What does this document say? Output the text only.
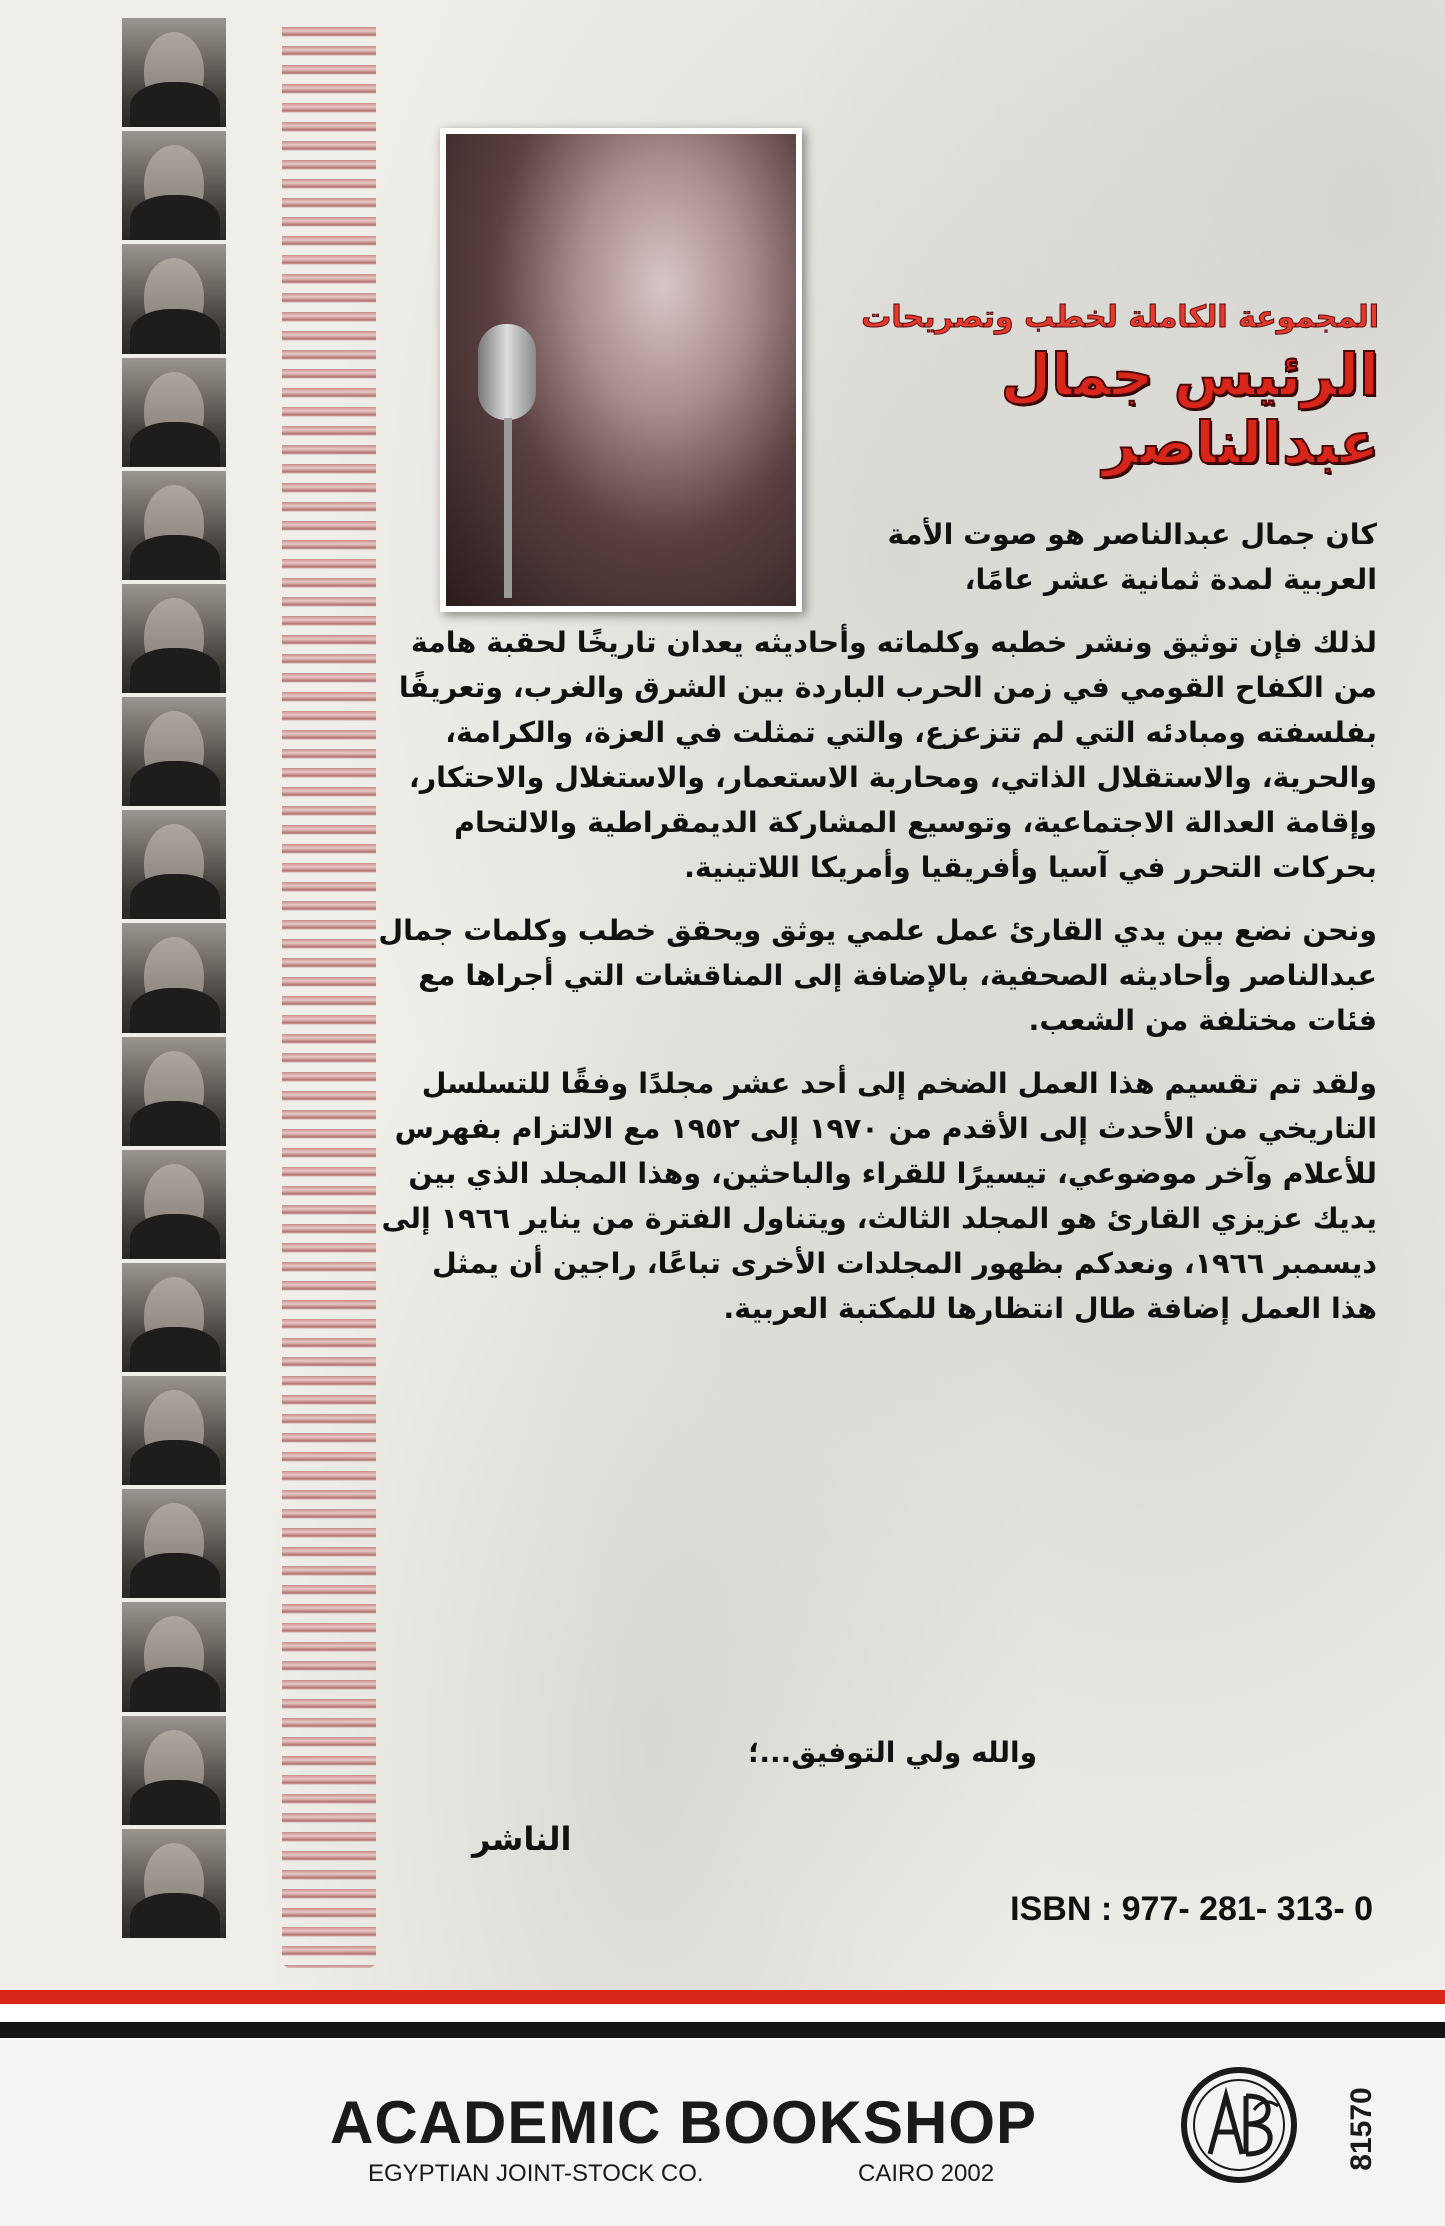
المجموعة الكاملة لخطب وتصريحات
الرئيس جمال عبدالناصر

كان جمال عبدالناصر هو صوت الأمة العربية لمدة ثمانية عشر عامًا،

لذلك فإن توثيق ونشر خطبه وكلماته وأحاديثه يعدان تاريخًا لحقبة هامة من الكفاح القومي في زمن الحرب الباردة بين الشرق والغرب، وتعريفًا بفلسفته ومبادئه التي لم تتزعزع، والتي تمثلت في العزة، والكرامة، والحرية، والاستقلال الذاتي، ومحاربة الاستعمار، والاستغلال والاحتكار، وإقامة العدالة الاجتماعية، وتوسيع المشاركة الديمقراطية والالتحام بحركات التحرر في آسيا وأفريقيا وأمريكا اللاتينية.

ونحن نضع بين يدي القارئ عمل علمي يوثق ويحقق خطب وكلمات جمال عبدالناصر وأحاديثه الصحفية، بالإضافة إلى المناقشات التي أجراها مع فئات مختلفة من الشعب.

ولقد تم تقسيم هذا العمل الضخم إلى أحد عشر مجلدًا وفقًا للتسلسل التاريخي من الأحدث إلى الأقدم من ١٩٧٠ إلى ١٩٥٢ مع الالتزام بفهرس للأعلام وآخر موضوعي، تيسيرًا للقراء والباحثين، وهذا المجلد الذي بين يديك عزيزي القارئ هو المجلد الثالث، ويتناول الفترة من يناير ١٩٦٦ إلى ديسمبر ١٩٦٦، ونعدكم بظهور المجلدات الأخرى تباعًا، راجين أن يمثل هذا العمل إضافة طال انتظارها للمكتبة العربية.

والله ولي التوفيق...؛
الناشر
ISBN : 977- 281- 313- 0
ACADEMIC BOOKSHOP
EGYPTIAN JOINT-STOCK CO.	CAIRO 2002
81570
